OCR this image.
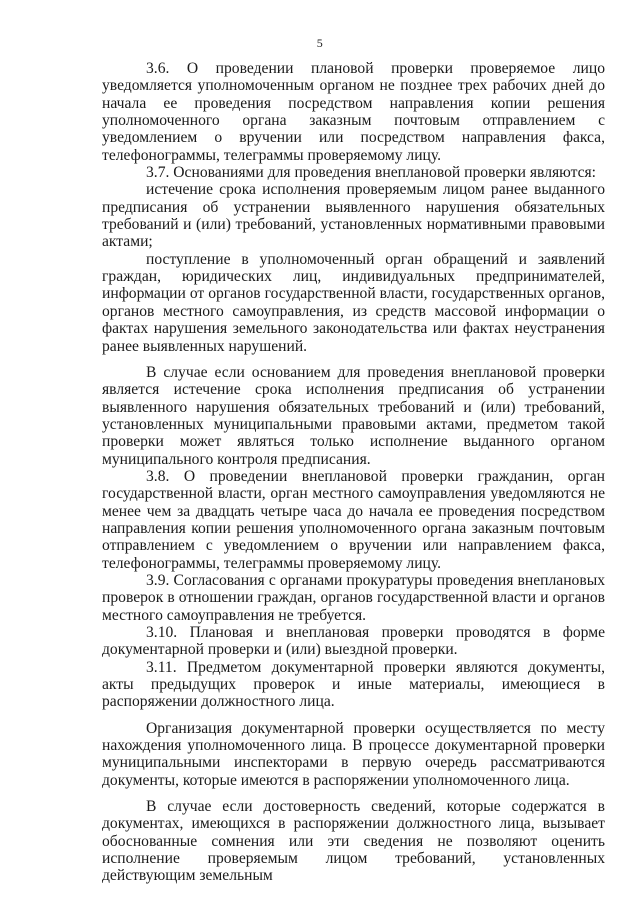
5

3.6. О проведении плановой проверки проверяемое лицо уведомляется уполномоченным органом не позднее трех рабочих дней до начала ее проведения посредством направления копии решения уполномоченного органа заказным почтовым отправлением с уведомлением о вручении или посредством направления факса, телефонограммы, телеграммы проверяемому лицу.

3.7. Основаниями для проведения внеплановой проверки являются:

истечение срока исполнения проверяемым лицом ранее выданного предписания об устранении выявленного нарушения обязательных требований и (или) требований, установленных нормативными правовыми актами;

поступление в уполномоченный орган обращений и заявлений граждан, юридических лиц, индивидуальных предпринимателей, информации от органов государственной власти, государственных органов, органов местного самоуправления, из средств массовой информации о фактах нарушения земельного законодательства или фактах неустранения ранее выявленных нарушений.

В случае если основанием для проведения внеплановой проверки является истечение срока исполнения предписания об устранении выявленного нарушения обязательных требований и (или) требований, установленных муниципальными правовыми актами, предметом такой проверки может являться только исполнение выданного органом муниципального контроля предписания.

3.8. О проведении внеплановой проверки гражданин, орган государственной власти, орган местного самоуправления уведомляются не менее чем за двадцать четыре часа до начала ее проведения посредством направления копии решения уполномоченного органа заказным почтовым отправлением с уведомлением о вручении или направлением факса, телефонограммы, телеграммы проверяемому лицу.

3.9. Согласования с органами прокуратуры проведения внеплановых проверок в отношении граждан, органов государственной власти и органов местного самоуправления не требуется.

3.10. Плановая и внеплановая проверки проводятся в форме документарной проверки и (или) выездной проверки.

3.11. Предметом документарной проверки являются документы, акты предыдущих проверок и иные материалы, имеющиеся в распоряжении должностного лица.

Организация документарной проверки осуществляется по месту нахождения уполномоченного лица. В процессе документарной проверки муниципальными инспекторами в первую очередь рассматриваются документы, которые имеются в распоряжении уполномоченного лица.

В случае если достоверность сведений, которые содержатся в документах, имеющихся в распоряжении должностного лица, вызывает обоснованные сомнения или эти сведения не позволяют оценить исполнение проверяемым лицом требований, установленных действующим земельным
